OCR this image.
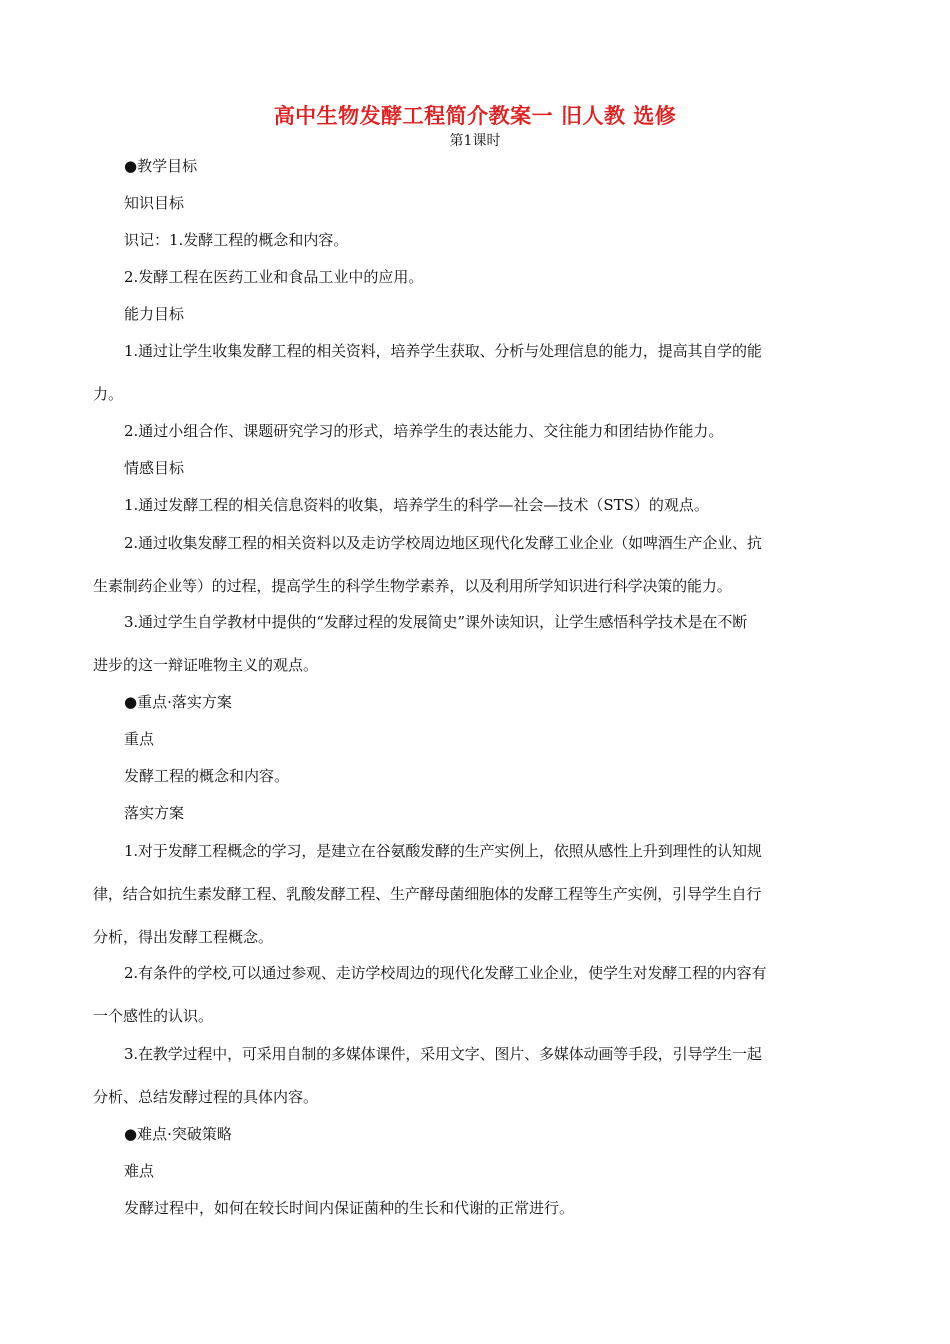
高中生物发酵工程简介教案一 旧人教 选修
第1课时
●教学目标
知识目标
识记：1.发酵工程的概念和内容。
2.发酵工程在医药工业和食品工业中的应用。
能力目标
1.通过让学生收集发酵工程的相关资料，培养学生获取、分析与处理信息的能力，提高其自学的能
力。
2.通过小组合作、课题研究学习的形式，培养学生的表达能力、交往能力和团结协作能力。
情感目标
1.通过发酵工程的相关信息资料的收集，培养学生的科学—社会—技术（STS）的观点。
2.通过收集发酵工程的相关资料以及走访学校周边地区现代化发酵工业企业（如啤酒生产企业、抗
生素制药企业等）的过程，提高学生的科学生物学素养，以及利用所学知识进行科学决策的能力。
3.通过学生自学教材中提供的“发酵过程的发展简史”课外读知识，让学生感悟科学技术是在不断
进步的这一辩证唯物主义的观点。
●重点·落实方案
重点
发酵工程的概念和内容。
落实方案
1.对于发酵工程概念的学习，是建立在谷氨酸发酵的生产实例上，依照从感性上升到理性的认知规
律，结合如抗生素发酵工程、乳酸发酵工程、生产酵母菌细胞体的发酵工程等生产实例，引导学生自行
分析，得出发酵工程概念。
2.有条件的学校,可以通过参观、走访学校周边的现代化发酵工业企业，使学生对发酵工程的内容有
一个感性的认识。
3.在教学过程中，可采用自制的多媒体课件，采用文字、图片、多媒体动画等手段，引导学生一起
分析、总结发酵过程的具体内容。
●难点·突破策略
难点
发酵过程中，如何在较长时间内保证菌种的生长和代谢的正常进行。
